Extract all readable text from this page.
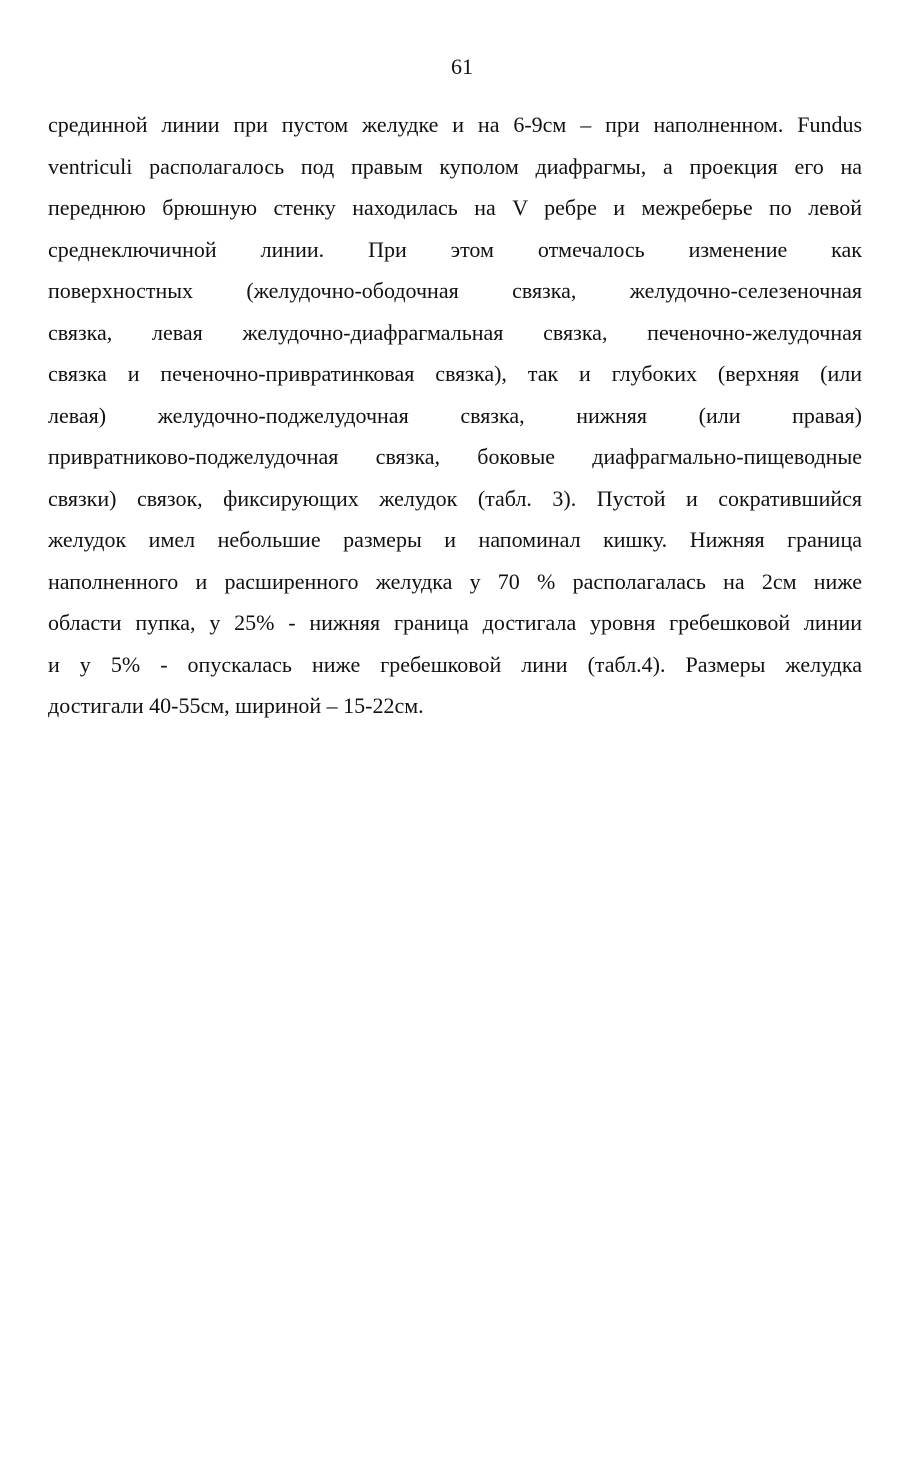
61
срединной линии при пустом желудке и на 6-9см – при наполненном. Fundus
ventriculi располагалось под правым куполом диафрагмы, а проекция его на
переднюю брюшную стенку находилась на V ребре и межреберье по левой
среднеключичной линии. При этом отмечалось изменение как
поверхностных (желудочно-ободочная связка, желудочно-селезеночная
связка, левая желудочно-диафрагмальная связка, печеночно-желудочная
связка и печеночно-привратинковая связка), так и глубоких (верхняя (или
левая) желудочно-поджелудочная связка, нижняя (или правая)
привратниково-поджелудочная связка, боковые диафрагмально-пищеводные
связки) связок, фиксирующих желудок (табл. 3). Пустой и сократившийся
желудок имел небольшие размеры и напоминал кишку. Нижняя граница
наполненного и расширенного желудка у 70 % располагалась на 2см ниже
области пупка, у 25% - нижняя граница достигала уровня гребешковой линии
и у 5% - опускалась ниже гребешковой лини (табл.4). Размеры желудка
достигали 40-55см, шириной – 15-22см.
